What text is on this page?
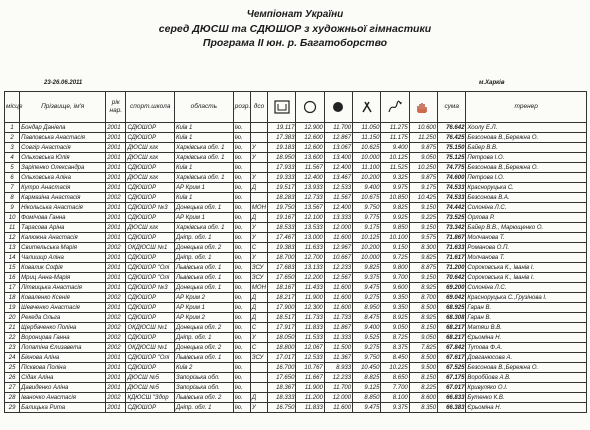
Чемпіонат України
серед ДЮСШ та СДЮШОР з художньої гімнастики
Програма II юн. р. Багатоборство
23-26.06.2011	м.Харків
місце	Прізвище, ім'я	рік нар.	спорт.школа	область	розр.	дсо							сума	тренер
1	Бондар Даніела	2001	СДЮШОР	Київ 1	Ію.		19.117	12.900	11.700	11.050	11.275	10.600	76.642	Хоолу Е.Л.
2	Павловська Анастасія	2001	СДЮШОР	Київ 1	Ію.		17.383	12.600	12.867	11.150	11.175	11.250	76.425	Безсонова В.,Бережна О.
3	Совгір Анастасія	2001	ДЮСШ хгк	Харківська обл. 1	Ію.	У	19.183	12.600	13.067	10.625	9.400	9.875	75.150	Байер В.В.
4	Ольховська Юлія	2001	ДЮСШ хгк	Харківська обл. 1	Ію.	У	18.950	13.600	13.400	10.000	10.125	9.050	75.125	Петрова І.О.
5	Заріпенко Олександра	2001	СДЮШОР	Київ 1	Ію.		17.933	11.567	12.400	11.100	11.525	10.250	74.775	Безсонова В.,Бережна О.
6	Ольховська Аліна	2001	ДЮСШ хгк	Харківська обл. 1	Ію.	У	19.333	12.400	13.467	10.200	9.325	9.875	74.600	Петрова І.О.
7	Кутро Анастасія	2001	СДЮШОР	АР Крим 1	Ію.	Д	19.517	13.933	12.533	9.400	9.975	9.175	74.533	Красноруцька С.
8	Кармазіна Анастасія	2002	СДЮШОР	Київ 1	Ію.		18.283	12.733	11.567	10.675	10.850	10.425	74.533	Безсонова В.А.
9	Нікольська Анастасія	2001	СДЮШОР №3	Донецька обл. 1	Ію.	МОН	19.750	13.567	12.400	9.750	9.825	9.150	74.442	Солоніна Л.С.
10	Фомічова Ганна	2001	СДЮШОР	АР Крим 1	Ію.	Д	19.167	12.100	13.333	9.775	9.925	9.225	73.525	Орлова Р.
11	Тарасова Аріна	2001	ДЮСШ хгк	Харківська обл. 1	Ію.	У	18.533	13.533	12.000	9.175	9.850	9.150	73.342	Байер В.В., Марющенко О.
12	Калюжна Анастасія	2001	СДЮШОР	Дніпр. обл. 1	Ію.	У	17.467	13.000	11.600	10.125	10.100	9.575	71.867	Молчанова Т.
13	Свительська Марія	2002	ОКДЮСШ №1	Донецька обл. 2	Ію.	С	19.383	11.633	12.967	10.200	9.150	8.300	71.633	Романова О.П.
14	Чалишир Аліна	2001	СДЮШОР	Дніпр. обл. 1	Ію.	У	18.700	12.700	10.667	10.000	9.725	9.825	71.617	Молчанова Т.
15	Ковалик Софія	2001	СДЮШОР "Олі	Львівська обл. 1	Ію.	ЗСУ	17.683	13.133	12.233	9.825	9.800	8.875	71.200	Сороковська К., Іванів І.
16	Мриц Анна-Марія	2001	СДЮШОР "Олі	Львівська обл. 1	Ію.	ЗСУ	17.650	12.200	12.567	9.375	9.700	9.150	70.642	Сороковська К., Іванів І.
17	Літвицька Анастасія	2001	СДЮШОР №3	Донецька обл. 1	Ію.	МОН	18.167	11.433	11.600	9.475	9.600	8.925	69.200	Солоніна Л.С.
18	Коваленко Ксенія	2002	СДЮШОР	АР Крим 2	Ію.	Д	18.217	11.900	11.600	9.275	9.350	8.700	69.042	Красноруцька С.,Грузінова І.
19	Шевченко Анастасія	2001	СДЮШОР	АР Крим 1	Ію.	Д	17.900	12.300	11.600	8.950	9.350	8.500	68.925	Гаран В.
20	Рекеда Ольга	2002	СДЮШОР	АР Крим 2	Ію.	Д	18.517	11.733	11.733	8.475	8.925	8.925	68.308	Гаран В.
21	Щербаченко Поліна	2002	ОКДЮСШ №1	Донецька обл. 2	Ію.	С	17.917	11.833	11.867	9.400	9.050	8.150	68.217	Матяш В.В.
22	Воронцова Ганна	2002	СДЮШОР	Дніпр. обл. 1	Ію.	У	18.050	11.533	11.333	9.525	8.725	9.050	68.217	Єрьоміна Н.
23	Лопатіна Єлизавета	2002	ОКДЮСШ №1	Донецька обл. 2	Ію.	С	18.800	12.067	11.500	9.275	8.375	7.825	67.842	Тутова Ф.А.
24	Бікнова Аліна	2001	СДЮШОР "Олі	Львівська обл. 1	Ію.	ЗСУ	17.017	12.533	11.367	9.750	8.450	8.500	67.617	Довганюсова А.
25	Пісквова Поліна	2001	СДЮШОР	Київ 2	Ію.		16.700	10.767	8.933	10.450	10.225	9.500	67.525	Безсонова В.,Бережна О.
26	Сідак Аліна	2001	ДЮСШ №5	Запорізька обл.	Ію.		17.650	11.667	12.233	8.825	8.650	8.150	67.175	Воробйова А.В.
27	Давиденко Аліна	2001	ДЮСШ №5	Запорізька обл.	Ію.		18.367	11.900	11.700	9.125	7.700	8.225	67.017	Кривуляко О.І.
28	Іваночко Анастасія	2002	КДЮСШ "Здор	Львівська обл. 2	Ію.	Д	18.333	11.200	12.000	8.850	8.100	8.600	66.833	Бутенко К.В.
29	Балицька Рита	2001	СДЮШОР	Дніпр. обл. 1	Ію.	У	16.750	11.833	11.600	9.475	9.375	8.350	66.383	Єрьоміна Н.
